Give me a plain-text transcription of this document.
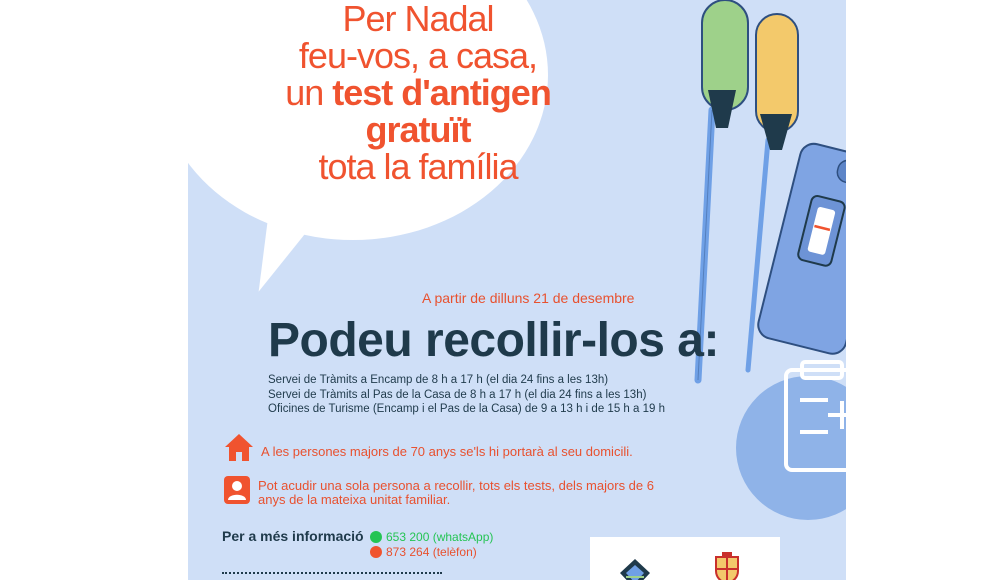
Per Nadal
feu-vos, a casa,
un test d'antigen
gratuït
tota la família
A partir de dilluns 21 de desembre
Podeu recollir-los a:
Servei de Tràmits a Encamp de 8 h a 17 h (el dia 24 fins a les 13h)
Servei de Tràmits al Pas de la Casa de 8 h a 17 h (el dia 24 fins a les 13h)
Oficines de Turisme (Encamp i el Pas de la Casa) de 9 a 13 h i de 15 h a 19 h
A les persones majors de 70 anys se'ls hi portarà al seu domicili.
Pot acudir una sola persona a recollir, tots els tests, dels majors de 6
anys de la mateixa unitat familiar.
Per a més informació	653 200 (whatsApp)
873 264 (telèfon)
